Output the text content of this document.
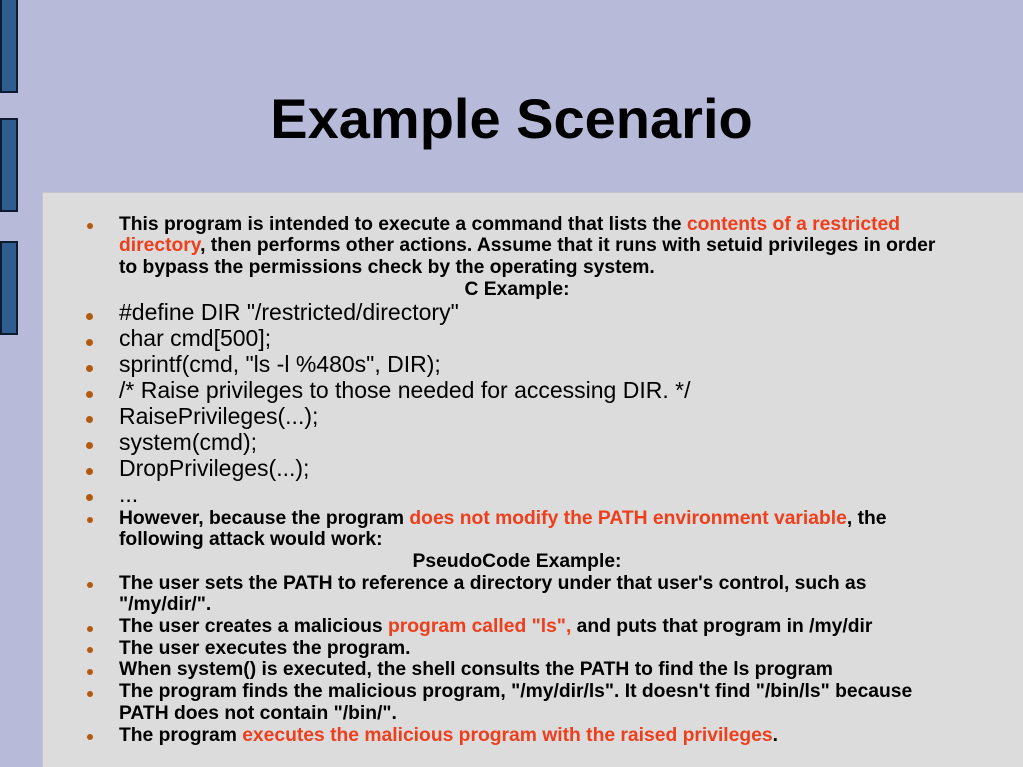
Example Scenario
This program is intended to execute a command that lists the contents of a restricted directory, then performs other actions. Assume that it runs with setuid privileges in order to bypass the permissions check by the operating system.
C Example:
#define DIR "/restricted/directory"
char cmd[500];
sprintf(cmd, "ls -l %480s", DIR);
/* Raise privileges to those needed for accessing DIR. */
RaisePrivileges(...);
system(cmd);
DropPrivileges(...);
...
However, because the program does not modify the PATH environment variable, the following attack would work:
PseudoCode Example:
The user sets the PATH to reference a directory under that user's control, such as "/my/dir/".
The user creates a malicious program called "ls", and puts that program in /my/dir
The user executes the program.
When system() is executed, the shell consults the PATH to find the ls program
The program finds the malicious program, "/my/dir/ls". It doesn't find "/bin/ls" because PATH does not contain "/bin/".
The program executes the malicious program with the raised privileges.
